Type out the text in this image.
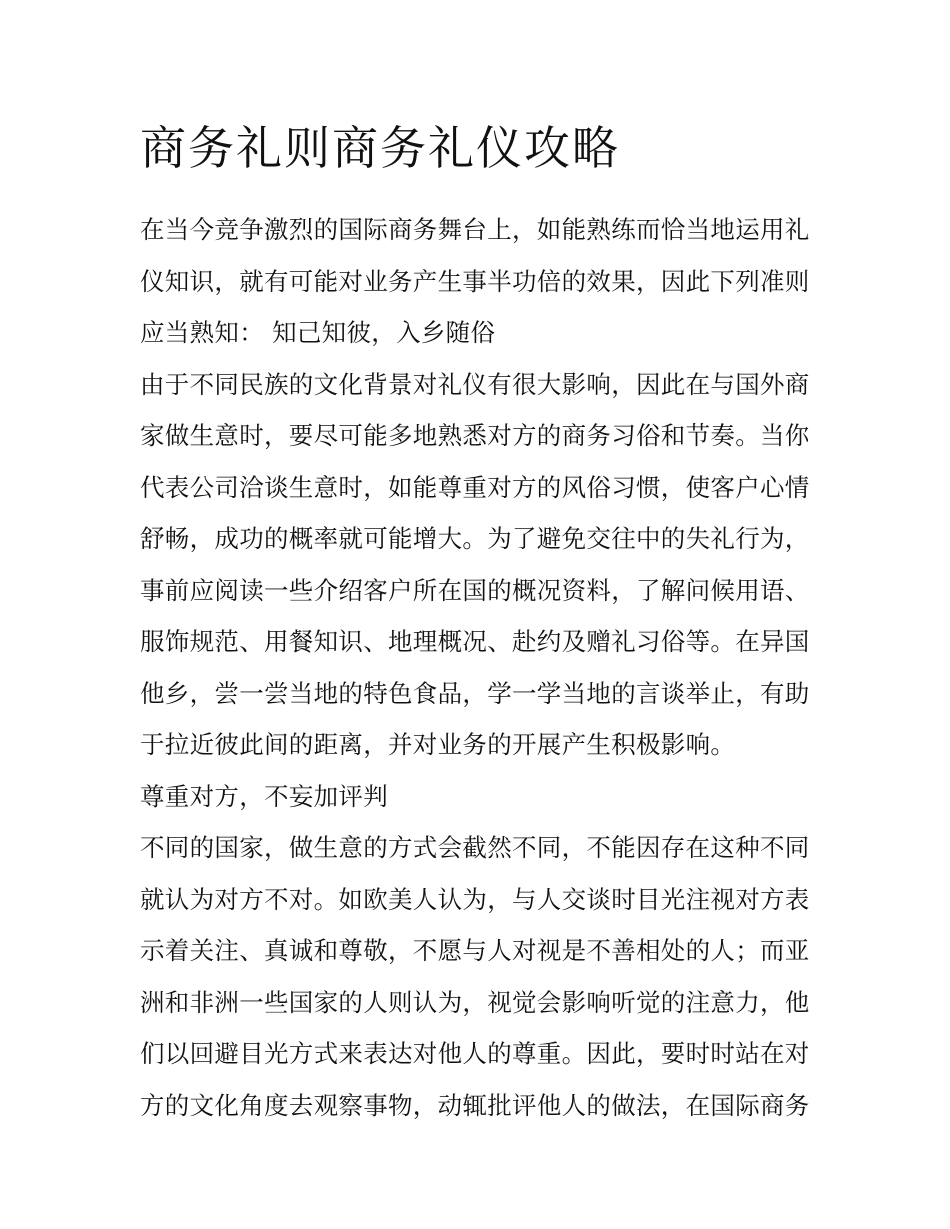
商务礼则商务礼仪攻略
在当今竞争激烈的国际商务舞台上，如能熟练而恰当地运用礼
仪知识，就有可能对业务产生事半功倍的效果，因此下列准则
应当熟知： 知己知彼，入乡随俗
由于不同民族的文化背景对礼仪有很大影响，因此在与国外商
家做生意时，要尽可能多地熟悉对方的商务习俗和节奏。当你
代表公司洽谈生意时，如能尊重对方的风俗习惯，使客户心情
舒畅，成功的概率就可能增大。为了避免交往中的失礼行为，
事前应阅读一些介绍客户所在国的概况资料，了解问候用语、
服饰规范、用餐知识、地理概况、赴约及赠礼习俗等。在异国
他乡，尝一尝当地的特色食品，学一学当地的言谈举止，有助
于拉近彼此间的距离，并对业务的开展产生积极影响。
尊重对方，不妄加评判
不同的国家，做生意的方式会截然不同，不能因存在这种不同
就认为对方不对。如欧美人认为，与人交谈时目光注视对方表
示着关注、真诚和尊敬，不愿与人对视是不善相处的人；而亚
洲和非洲一些国家的人则认为，视觉会影响听觉的注意力，他
们以回避目光方式来表达对他人的尊重。因此，要时时站在对
方的文化角度去观察事物，动辄批评他人的做法，在国际商务
